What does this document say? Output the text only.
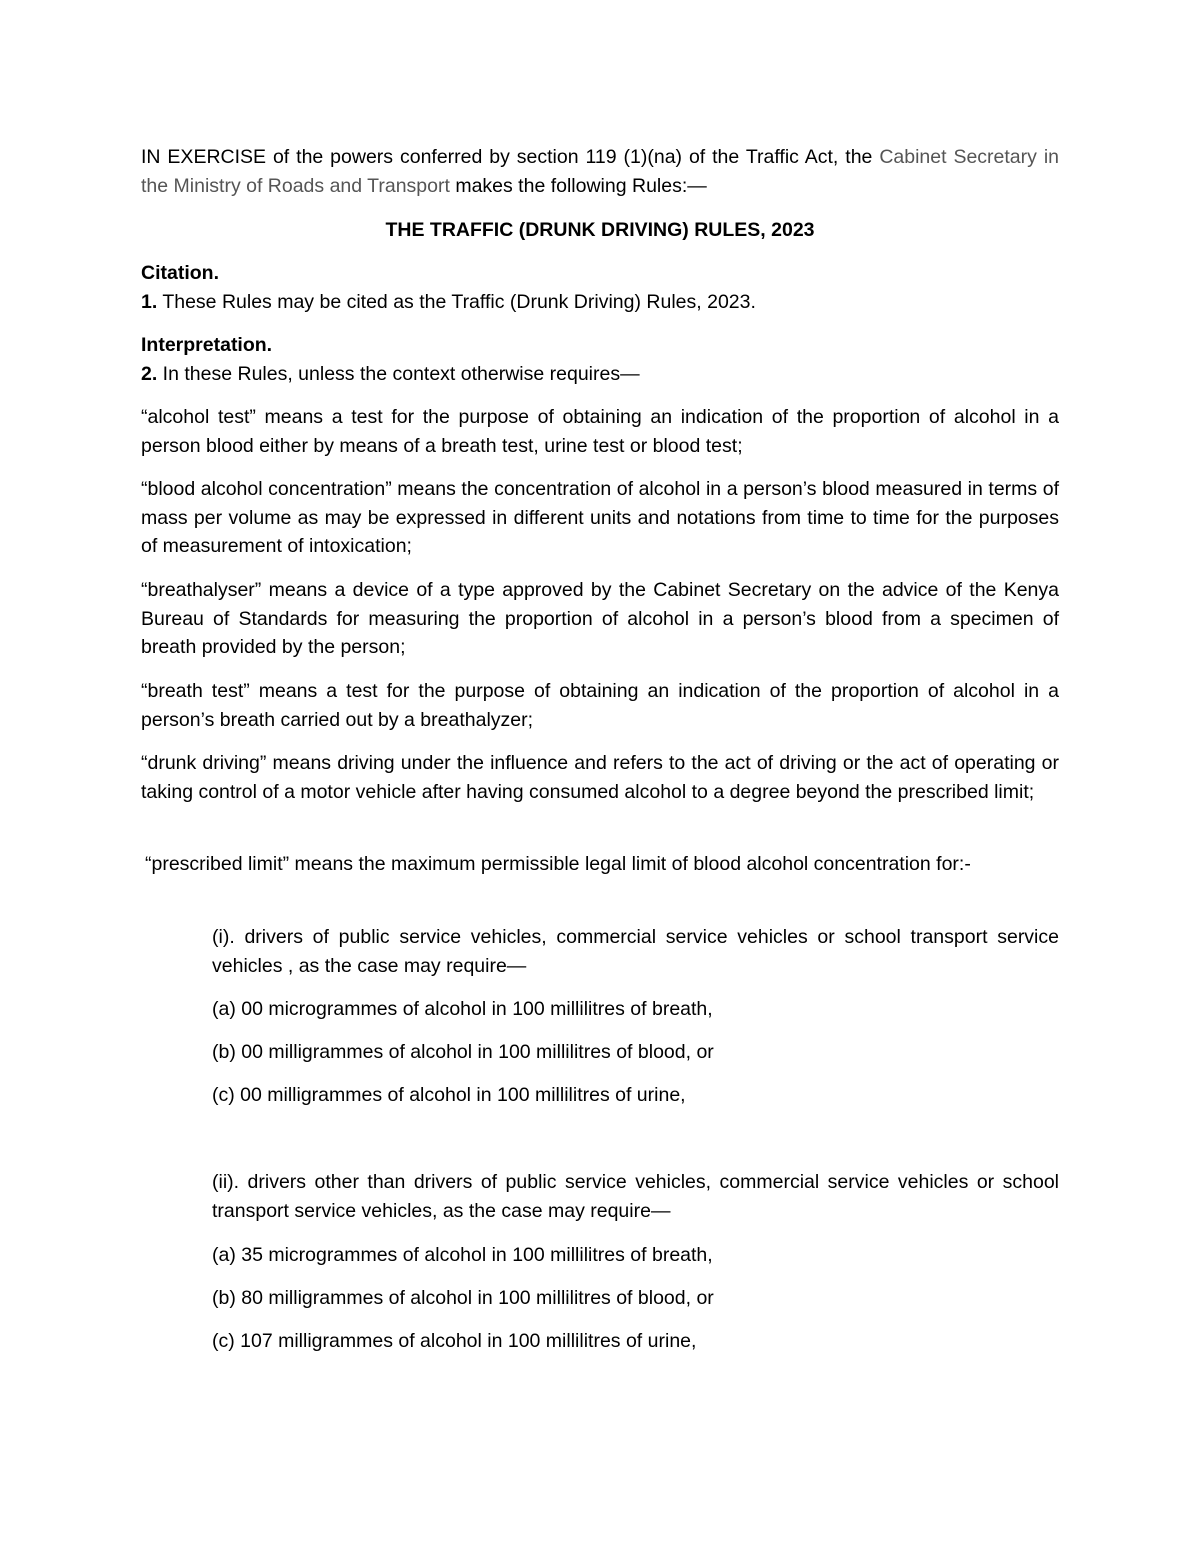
IN EXERCISE of the powers conferred by section 119 (1)(na) of the Traffic Act, the Cabinet Secretary in the Ministry of Roads and Transport makes the following Rules:—

THE TRAFFIC (DRUNK DRIVING) RULES, 2023

Citation.

1. These Rules may be cited as the Traffic (Drunk Driving) Rules, 2023.

Interpretation.

2. In these Rules, unless the context otherwise requires—

“alcohol test” means a test for the purpose of obtaining an indication of the proportion of alcohol in a person blood either by means of a breath test, urine test or blood test;

“blood alcohol concentration” means the concentration of alcohol in a person’s blood measured in terms of mass per volume as may be expressed in different units and notations from time to time for the purposes of measurement of intoxication;

“breathalyser” means a device of a type approved by the Cabinet Secretary on the advice of the Kenya Bureau of Standards for measuring the proportion of alcohol in a person’s blood from a specimen of breath provided by the person;

“breath test” means a test for the purpose of obtaining an indication of the proportion of alcohol in a person’s breath carried out by a breathalyzer;

“drunk driving” means driving under the influence and refers to the act of driving or the act of operating or taking control of a motor vehicle after having consumed alcohol to a degree beyond the prescribed limit;

“prescribed limit” means the maximum permissible legal limit of blood alcohol concentration for:-

(i). drivers of public service vehicles, commercial service vehicles or school transport service vehicles , as the case may require—

(a) 00 microgrammes of alcohol in 100 millilitres of breath,

(b) 00 milligrammes of alcohol in 100 millilitres of blood, or

(c) 00 milligrammes of alcohol in 100 millilitres of urine,

(ii). drivers other than drivers of public service vehicles, commercial service vehicles or school transport service vehicles, as the case may require—

(a) 35 microgrammes of alcohol in 100 millilitres of breath,

(b) 80 milligrammes of alcohol in 100 millilitres of blood, or

(c) 107 milligrammes of alcohol in 100 millilitres of urine,
